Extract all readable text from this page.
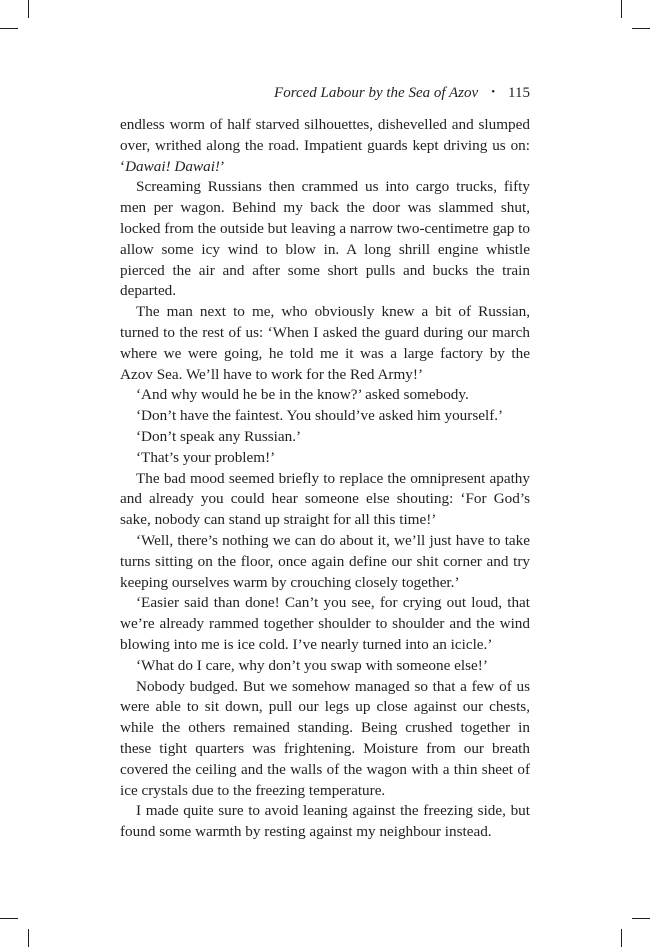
Forced Labour by the Sea of Azov • 115

endless worm of half starved silhouettes, dishevelled and slumped over, writhed along the road. Impatient guards kept driving us on: ‘Dawai! Dawai!’

Screaming Russians then crammed us into cargo trucks, fifty men per wagon. Behind my back the door was slammed shut, locked from the outside but leaving a narrow two-centimetre gap to allow some icy wind to blow in. A long shrill engine whistle pierced the air and after some short pulls and bucks the train departed.

The man next to me, who obviously knew a bit of Russian, turned to the rest of us: ‘When I asked the guard during our march where we were going, he told me it was a large factory by the Azov Sea. We’ll have to work for the Red Army!’

‘And why would he be in the know?’ asked somebody.

‘Don’t have the faintest. You should’ve asked him yourself.’

‘Don’t speak any Russian.’

‘That’s your problem!’

The bad mood seemed briefly to replace the omnipresent apathy and already you could hear someone else shouting: ‘For God’s sake, nobody can stand up straight for all this time!’

‘Well, there’s nothing we can do about it, we’ll just have to take turns sitting on the floor, once again define our shit corner and try keeping ourselves warm by crouching closely together.’

‘Easier said than done! Can’t you see, for crying out loud, that we’re already rammed together shoulder to shoulder and the wind blowing into me is ice cold. I’ve nearly turned into an icicle.’

‘What do I care, why don’t you swap with someone else!’

Nobody budged. But we somehow managed so that a few of us were able to sit down, pull our legs up close against our chests, while the others remained standing. Being crushed together in these tight quarters was frightening. Moisture from our breath covered the ceiling and the walls of the wagon with a thin sheet of ice crystals due to the freezing temperature.

I made quite sure to avoid leaning against the freezing side, but found some warmth by resting against my neighbour instead.
